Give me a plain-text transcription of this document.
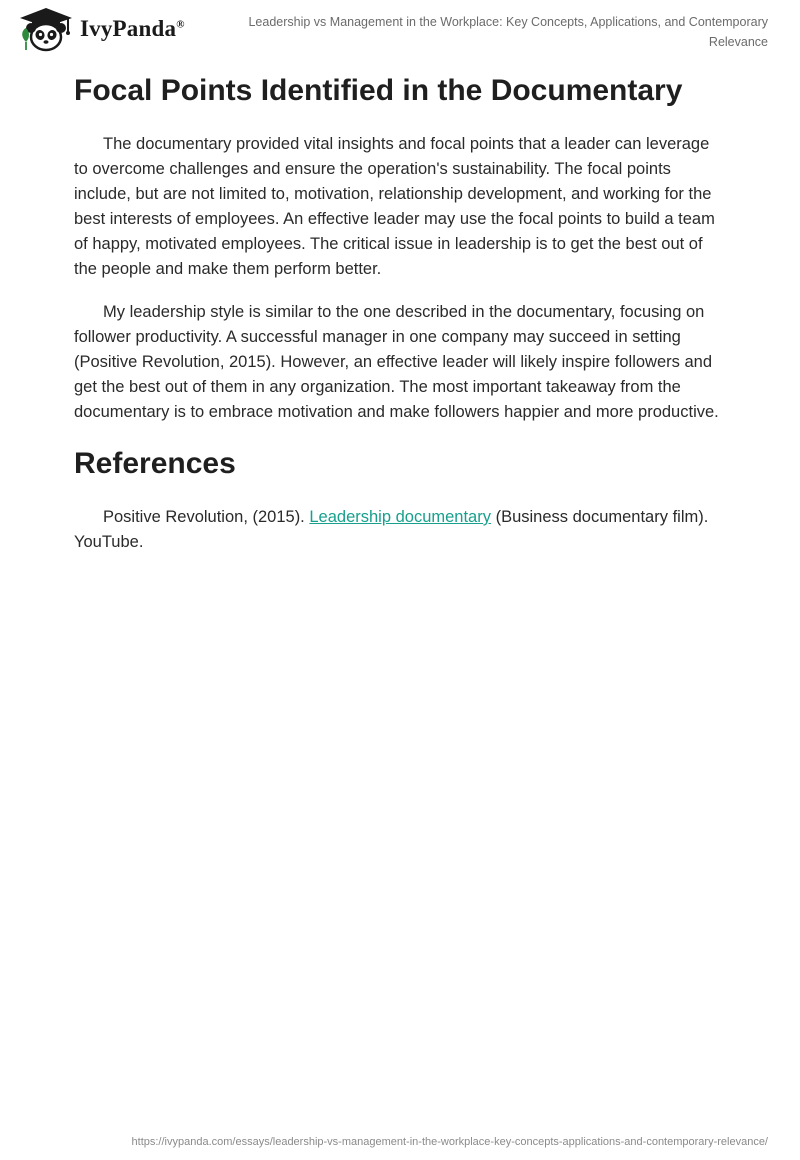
IvyPanda®	Leadership vs Management in the Workplace: Key Concepts, Applications, and Contemporary Relevance
Focal Points Identified in the Documentary

The documentary provided vital insights and focal points that a leader can leverage to overcome challenges and ensure the operation's sustainability. The focal points include, but are not limited to, motivation, relationship development, and working for the best interests of employees. An effective leader may use the focal points to build a team of happy, motivated employees. The critical issue in leadership is to get the best out of the people and make them perform better.

My leadership style is similar to the one described in the documentary, focusing on follower productivity. A successful manager in one company may succeed in setting (Positive Revolution, 2015). However, an effective leader will likely inspire followers and get the best out of them in any organization. The most important takeaway from the documentary is to embrace motivation and make followers happier and more productive.

References

Positive Revolution, (2015). Leadership documentary (Business documentary film). YouTube.

https://ivypanda.com/essays/leadership-vs-management-in-the-workplace-key-concepts-applications-and-contemporary-relevance/
